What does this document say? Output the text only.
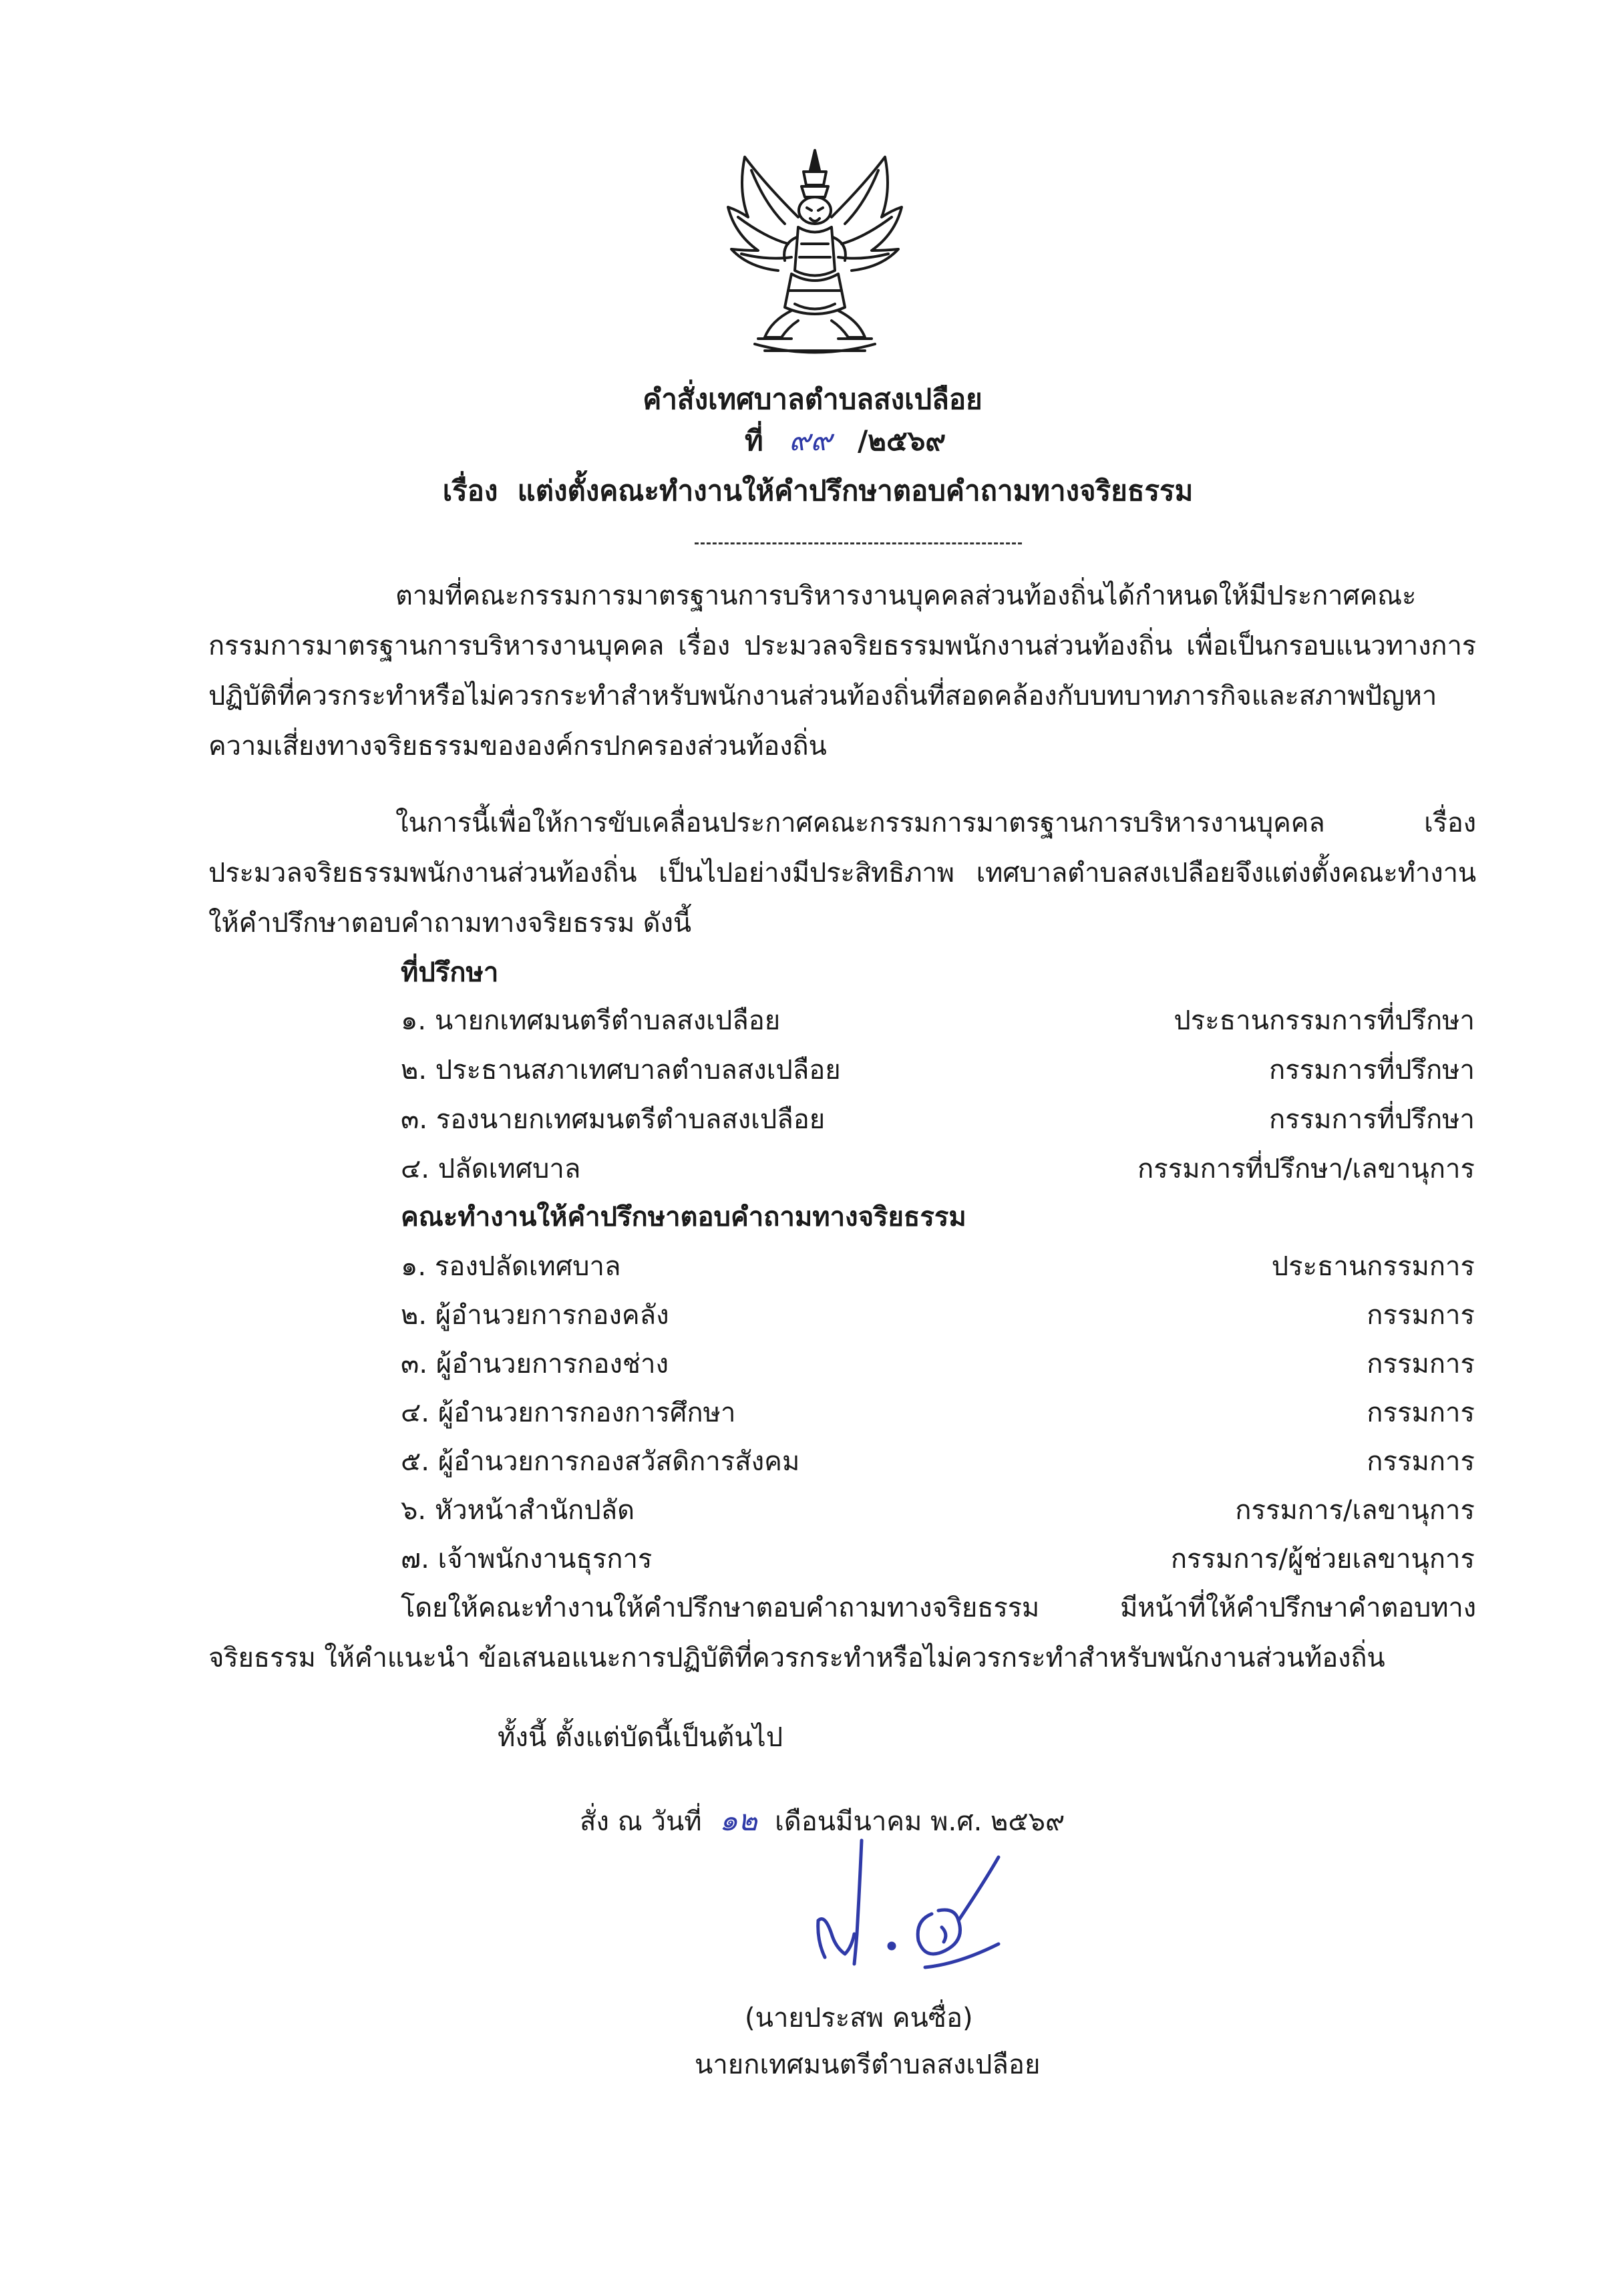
คำสั่งเทศบาลตำบลสงเปลือย
ที่ ๙๙ /๒๕๖๙
เรื่อง แต่งตั้งคณะทำงานให้คำปรึกษาตอบคำถามทางจริยธรรม
ตามที่คณะกรรมการมาตรฐานการบริหารงานบุคคลส่วนท้องถิ่นได้กำหนดให้มีประกาศคณะกรรมการมาตรฐานการบริหารงานบุคคล เรื่อง ประมวลจริยธรรมพนักงานส่วนท้องถิ่น เพื่อเป็นกรอบแนวทางการปฏิบัติที่ควรกระทำหรือไม่ควรกระทำสำหรับพนักงานส่วนท้องถิ่นที่สอดคล้องกับบทบาทภารกิจและสภาพปัญหาความเสี่ยงทางจริยธรรมขององค์กรปกครองส่วนท้องถิ่น
ในการนี้เพื่อให้การขับเคลื่อนประกาศคณะกรรมการมาตรฐานการบริหารงานบุคคล เรื่อง ประมวลจริยธรรมพนักงานส่วนท้องถิ่น เป็นไปอย่างมีประสิทธิภาพ เทศบาลตำบลสงเปลือยจึงแต่งตั้งคณะทำงานให้คำปรึกษาตอบคำถามทางจริยธรรม ดังนี้
ที่ปรึกษา
๑. นายกเทศมนตรีตำบลสงเปลือย	ประธานกรรมการที่ปรึกษา
๒. ประธานสภาเทศบาลตำบลสงเปลือย	กรรมการที่ปรึกษา
๓. รองนายกเทศมนตรีตำบลสงเปลือย	กรรมการที่ปรึกษา
๔. ปลัดเทศบาล	กรรมการที่ปรึกษา/เลขานุการ
คณะทำงานให้คำปรึกษาตอบคำถามทางจริยธรรม
๑. รองปลัดเทศบาล	ประธานกรรมการ
๒. ผู้อำนวยการกองคลัง	กรรมการ
๓. ผู้อำนวยการกองช่าง	กรรมการ
๔. ผู้อำนวยการกองการศึกษา	กรรมการ
๕. ผู้อำนวยการกองสวัสดิการสังคม	กรรมการ
๖. หัวหน้าสำนักปลัด	กรรมการ/เลขานุการ
๗. เจ้าพนักงานธุรการ	กรรมการ/ผู้ช่วยเลขานุการ
โดยให้คณะทำงานให้คำปรึกษาตอบคำถามทางจริยธรรม มีหน้าที่ให้คำปรึกษาคำตอบทางจริยธรรม ให้คำแนะนำ ข้อเสนอแนะการปฏิบัติที่ควรกระทำหรือไม่ควรกระทำสำหรับพนักงานส่วนท้องถิ่น
ทั้งนี้ ตั้งแต่บัดนี้เป็นต้นไป
สั่ง ณ วันที่ ๑๒ เดือนมีนาคม พ.ศ. ๒๕๖๙
(นายประสพ คนซื่อ)
นายกเทศมนตรีตำบลสงเปลือย
